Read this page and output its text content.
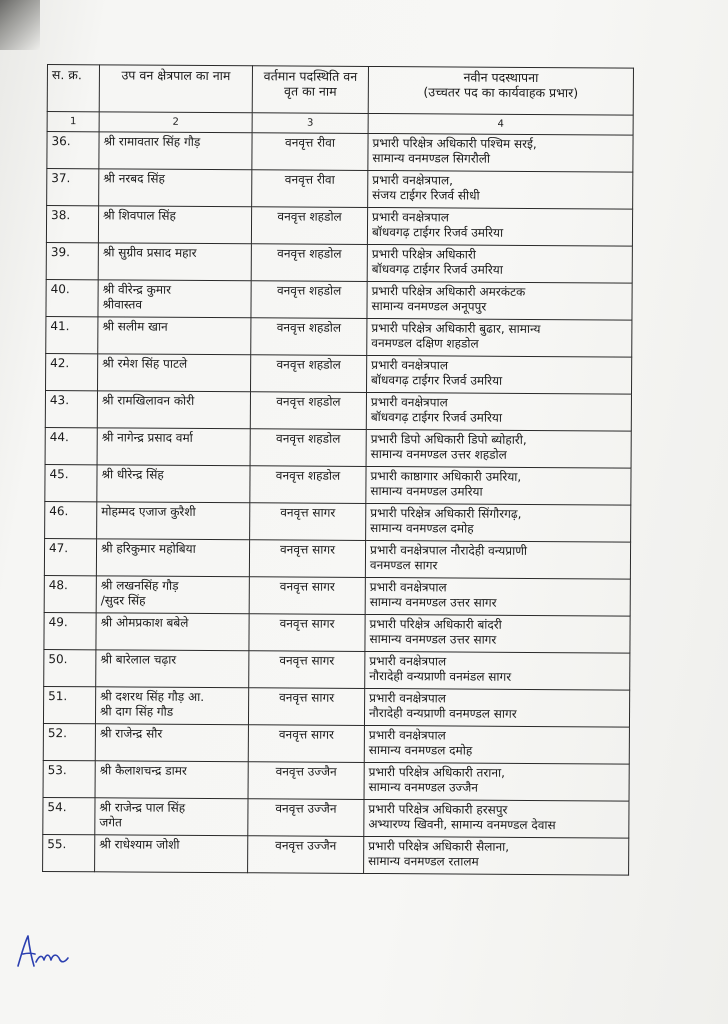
स. क्र.	उप वन क्षेत्रपाल का नाम	वर्तमान पदस्थिति वन वृत का नाम	नवीन पदस्थापना
(उच्चतर पद का कार्यवाहक प्रभार)

1	2	3	4
36.	श्री रामावतार सिंह गौड़	वनवृत्त रीवा	प्रभारी परिक्षेत्र अधिकारी पश्चिम सरई,
सामान्य वनमण्डल सिगरौली

37.	श्री नरबद सिंह	वनवृत्त रीवा	प्रभारी वनक्षेत्रपाल,
संजय टाईगर रिजर्व सीधी

38.	श्री शिवपाल सिंह	वनवृत्त शहडोल	प्रभारी वनक्षेत्रपाल
बॉधवगढ़ टाईगर रिजर्व उमरिया

39.	श्री सुग्रीव प्रसाद महार	वनवृत्त शहडोल	प्रभारी परिक्षेत्र अधिकारी
बॉधवगढ़ टाईगर रिजर्व उमरिया

40.	श्री वीरेन्द्र कुमार
श्रीवास्तव	वनवृत्त शहडोल	प्रभारी परिक्षेत्र अधिकारी अमरकंटक
सामान्य वनमण्डल अनूपपुर

41.	श्री सलीम खान	वनवृत्त शहडोल	प्रभारी परिक्षेत्र अधिकारी बुढार, सामान्य
वनमण्डल दक्षिण शहडोल

42.	श्री रमेश सिंह पाटले	वनवृत्त शहडोल	प्रभारी वनक्षेत्रपाल
बॉधवगढ़ टाईगर रिजर्व उमरिया

43.	श्री रामखिलावन कोरी	वनवृत्त शहडोल	प्रभारी वनक्षेत्रपाल
बॉधवगढ़ टाईगर रिजर्व उमरिया

44.	श्री नागेन्द्र प्रसाद वर्मा	वनवृत्त शहडोल	प्रभारी डिपो अधिकारी डिपो ब्योहारी,
सामान्य वनमण्डल उत्तर शहडोल

45.	श्री धीरेन्द्र सिंह	वनवृत्त शहडोल	प्रभारी काष्ठागार अधिकारी उमरिया,
सामान्य वनमण्डल उमरिया

46.	मोहम्मद एजाज कुरैशी	वनवृत्त सागर	प्रभारी परिक्षेत्र अधिकारी सिंगौरगढ़,
सामान्य वनमण्डल दमोह

47.	श्री हरिकुमार महोबिया	वनवृत्त सागर	प्रभारी वनक्षेत्रपाल नौरादेही वन्यप्राणी
वनमण्डल सागर

48.	श्री लखनसिंह गौड़
/सुदर सिंह	वनवृत्त सागर	प्रभारी वनक्षेत्रपाल
सामान्य वनमण्डल उत्तर सागर

49.	श्री ओमप्रकाश बबेले	वनवृत्त सागर	प्रभारी परिक्षेत्र अधिकारी बांदरी
सामान्य वनमण्डल उत्तर सागर

50.	श्री बारेलाल चढ़ार	वनवृत्त सागर	प्रभारी वनक्षेत्रपाल
नौरादेही वन्यप्राणी वनमंडल सागर

51.	श्री दशरथ सिंह गौड़ आ.
श्री दाग सिंह गौड	वनवृत्त सागर	प्रभारी वनक्षेत्रपाल
नौरादेही वन्यप्राणी वनमण्डल सागर

52.	श्री राजेन्द्र सौर	वनवृत्त सागर	प्रभारी वनक्षेत्रपाल
सामान्य वनमण्डल दमोह

53.	श्री कैलाशचन्द्र डामर	वनवृत्त उज्जैन	प्रभारी परिक्षेत्र अधिकारी तराना,
सामान्य वनमण्डल उज्जैन

54.	श्री राजेन्द्र पाल सिंह
जगेत	वनवृत्त उज्जैन	प्रभारी परिक्षेत्र अधिकारी हरसपुर
अभ्यारण्य खिवनी, सामान्य वनमण्डल देवास

55.	श्री राधेश्याम जोशी	वनवृत्त उज्जैन	प्रभारी परिक्षेत्र अधिकारी सैलाना,
सामान्य वनमण्डल रतालम
